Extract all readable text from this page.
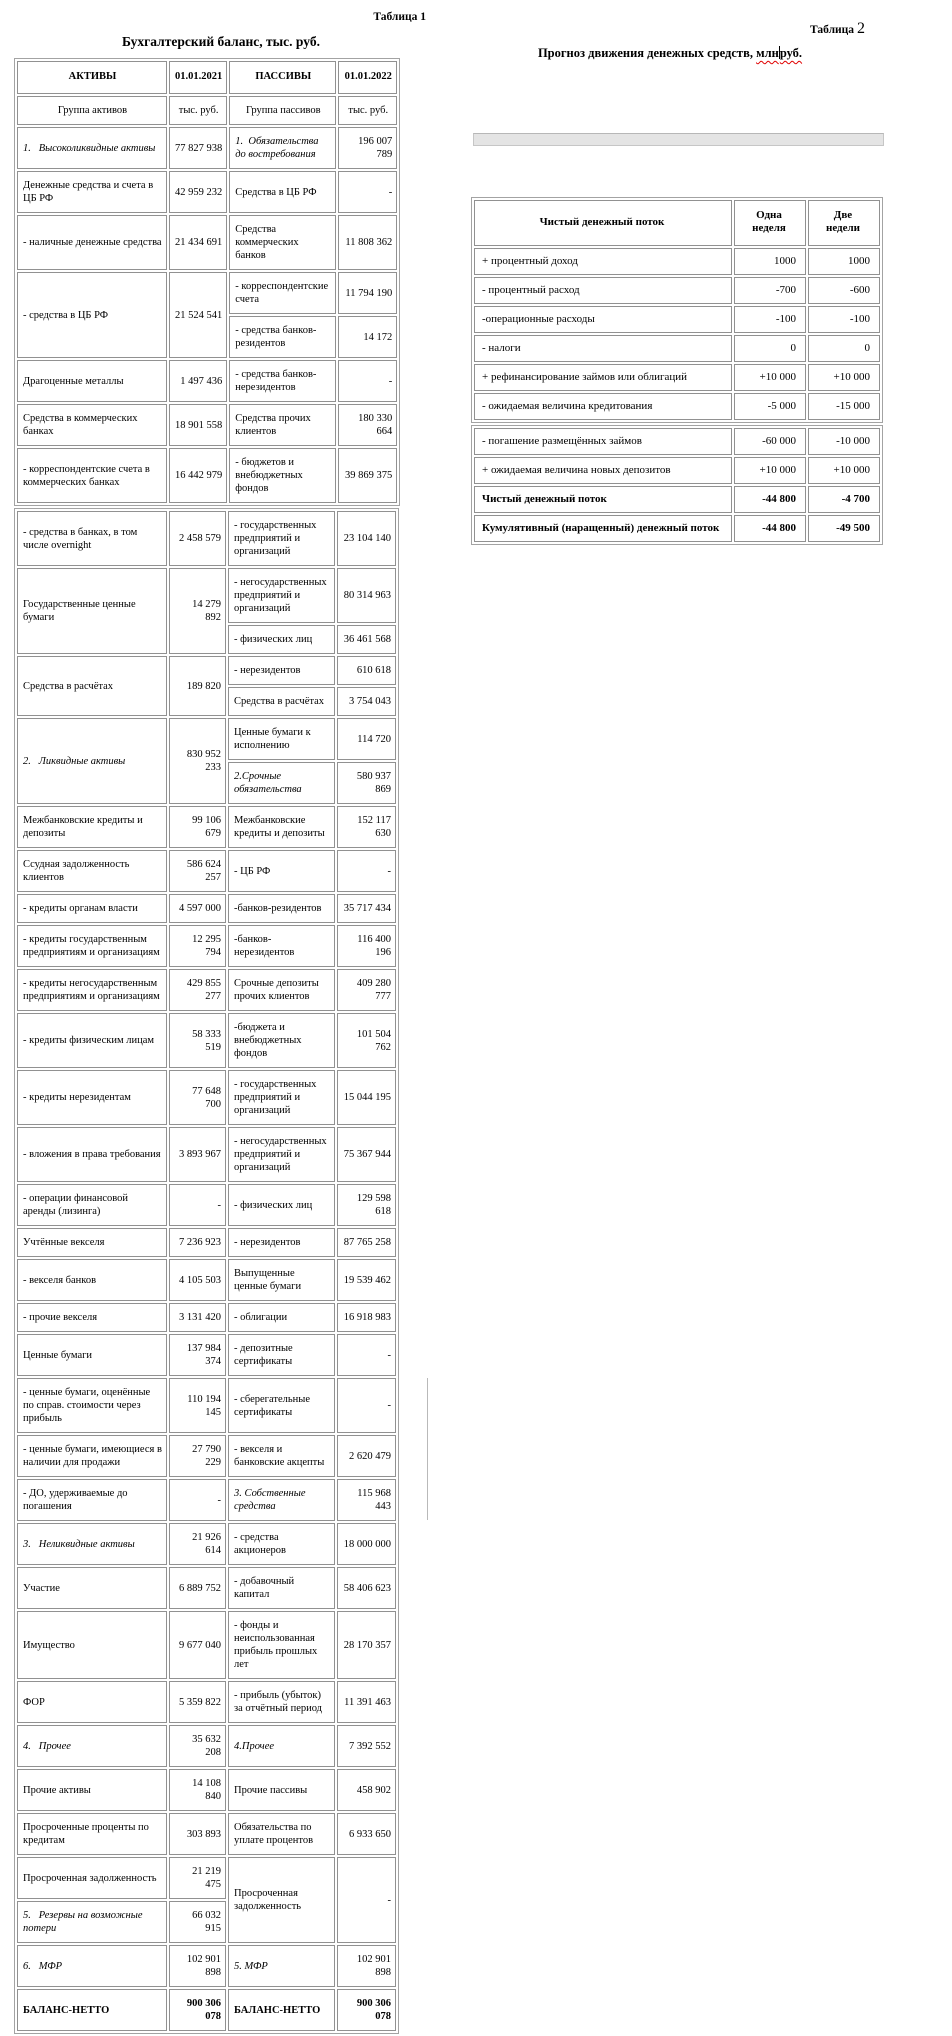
Таблица 1
Бухгалтерский баланс, тыс. руб.
АКТИВЫ	01.01.2021	ПАССИВЫ	01.01.2022
Группа активов	тыс. руб.	Группа пассивов	тыс. руб.
1.   Высоколиквидные активы	77 827 938	1.  Обязательства до востребования	196 007 789
Денежные средства и счета в ЦБ РФ	42 959 232	Средства в ЦБ РФ	-
- наличные денежные средства	21 434 691	Средства коммерческих банков	11 808 362
- средства в ЦБ РФ	21 524 541	- корреспондентские счета	11 794 190
		- средства банков-резидентов	14 172
Драгоценные металлы	1 497 436	- средства банков-нерезидентов	-
Средства в коммерческих банках	18 901 558	Средства прочих клиентов	180 330 664
- корреспондентские счета в коммерческих банках	16 442 979	- бюджетов и внебюджетных фондов	39 869 375
- средства в банках, в том числе overnight	2 458 579	- государственных предприятий и организаций	23 104 140
Государственные ценные бумаги	14 279 892	- негосударственных предприятий и организаций	80 314 963
		- физических лиц	36 461 568
Средства в расчётах	189 820	- нерезидентов	610 618
		Средства в расчётах	3 754 043
2.   Ликвидные активы	830 952 233	Ценные бумаги к исполнению	114 720
		2.Срочные обязательства	580 937 869
Межбанковские кредиты и депозиты	99 106 679	Межбанковские кредиты и депозиты	152 117 630
Ссудная задолженность клиентов	586 624 257	- ЦБ РФ	-
- кредиты органам власти	4 597 000	-банков-резидентов	35 717 434
- кредиты государственным предприятиям и организациям	12 295 794	-банков-нерезидентов	116 400 196
- кредиты негосударственным предприятиям и организациям	429 855 277	Срочные депозиты прочих клиентов	409 280 777
- кредиты физическим лицам	58 333 519	-бюджета и внебюджетных фондов	101 504 762
- кредиты нерезидентам	77 648 700	- государственных предприятий и организаций	15 044 195
- вложения в права требования	3 893 967	- негосударственных предприятий и организаций	75 367 944
- операции финансовой аренды (лизинга)	-	- физических лиц	129 598 618
Учтённые векселя	7 236 923	- нерезидентов	87 765 258
- векселя банков	4 105 503	Выпущенные ценные бумаги	19 539 462
- прочие векселя	3 131 420	- облигации	16 918 983
Ценные бумаги	137 984 374	- депозитные сертификаты	-
- ценные бумаги, оценённые по справ. стоимости через прибыль	110 194 145	- сберегательные сертификаты	-
- ценные бумаги, имеющиеся в наличии для продажи	27 790 229	- векселя и банковские акцепты	2 620 479
- ДО, удерживаемые до погашения	-	3. Собственные средства	115 968 443
3.   Неликвидные активы	21 926 614	- средства акционеров	18 000 000
Участие	6 889 752	- добавочный капитал	58 406 623
Имущество	9 677 040	- фонды и неиспользованная прибыль прошлых лет	28 170 357
ФОР	5 359 822	- прибыль (убыток) за отчётный период	11 391 463
4.   Прочее	35 632 208	4.Прочее	7 392 552
Прочие активы	14 108 840	Прочие пассивы	458 902
Просроченные проценты по кредитам	303 893	Обязательства по уплате процентов	6 933 650
Просроченная задолженность	21 219 475	Просроченная задолженность	-
5.   Резервы на возможные потери	66 032 915		
6.   МФР	102 901 898	5. МФР	102 901 898
БАЛАНС-НЕТТО	900 306 078	БАЛАНС-НЕТТО	900 306 078
Таблица 2
Прогноз движения денежных средств, млнруб.
Чистый денежный поток	Одна неделя	Две недели
+ процентный доход	1000	1000
- процентный расход	-700	-600
-операционные расходы	-100	-100
- налоги	0	0
+ рефинансирование займов или облигаций	+10 000	+10 000
- ожидаемая величина кредитования	-5 000	-15 000
- погашение размещённых займов	-60 000	-10 000
+ ожидаемая величина новых депозитов	+10 000	+10 000
Чистый денежный поток	-44 800	-4 700
Кумулятивный (наращенный) денежный поток	-44 800	-49 500
